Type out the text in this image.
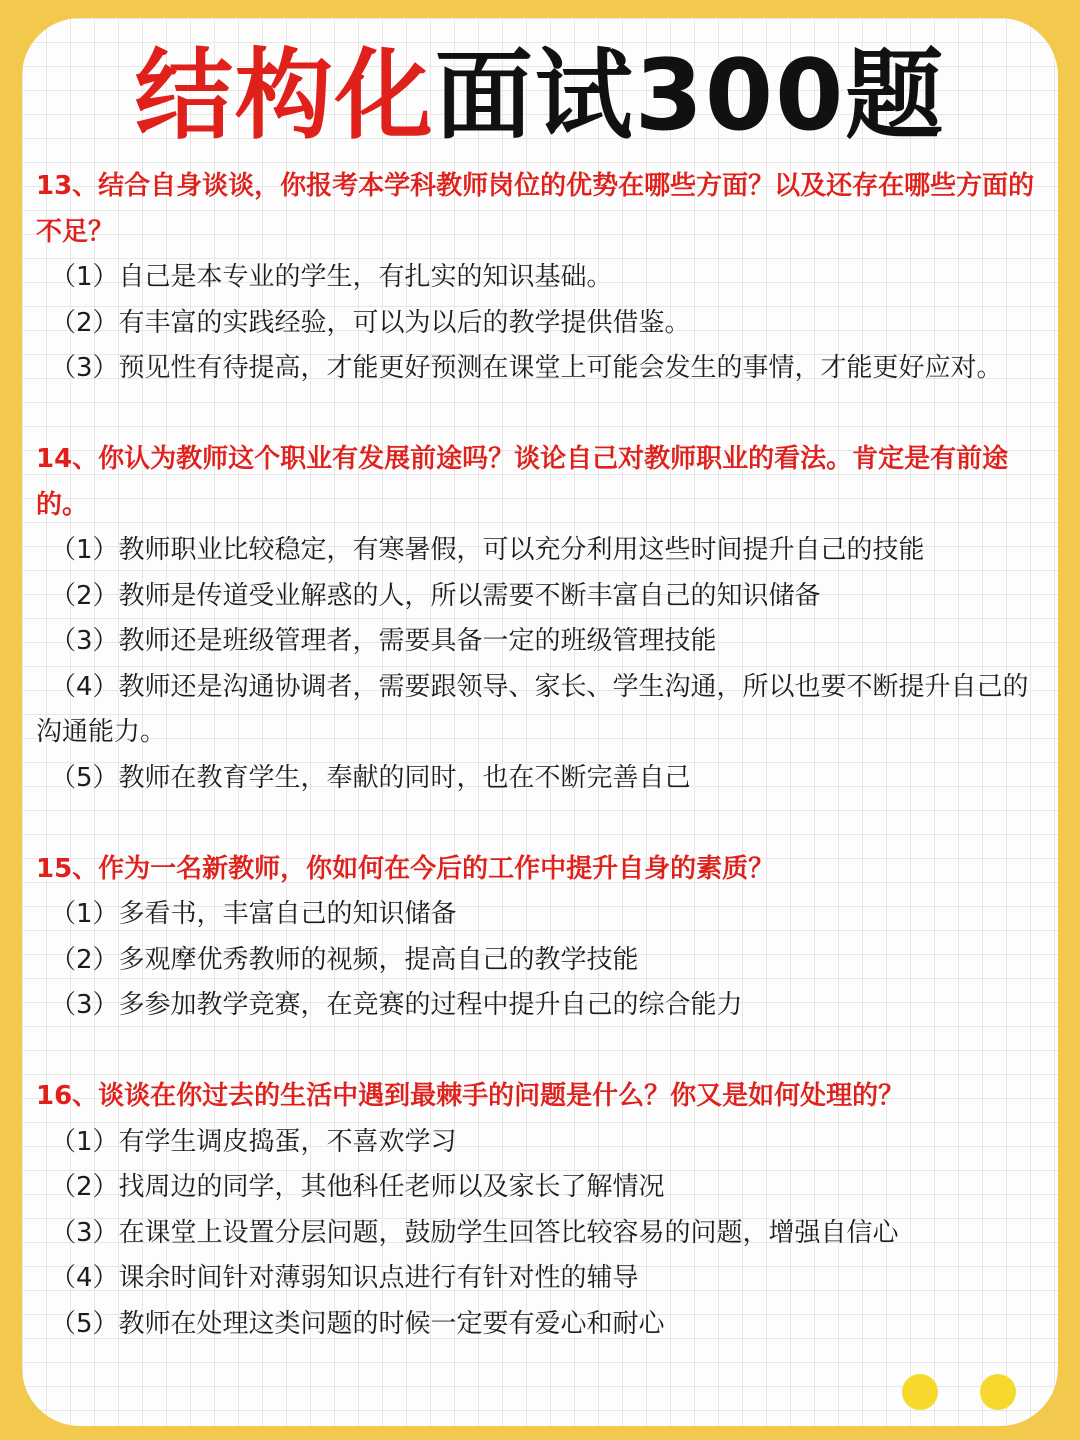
结构化面试300题

13、结合自身谈谈，你报考本学科教师岗位的优势在哪些方面？以及还存在哪些方面的不足？

（1）自己是本专业的学生，有扎实的知识基础。

（2）有丰富的实践经验，可以为以后的教学提供借鉴。

（3）预见性有待提高，才能更好预测在课堂上可能会发生的事情，才能更好应对。

14、你认为教师这个职业有发展前途吗？谈论自己对教师职业的看法。肯定是有前途的。

（1）教师职业比较稳定，有寒暑假，可以充分利用这些时间提升自己的技能

（2）教师是传道受业解惑的人，所以需要不断丰富自己的知识储备

（3）教师还是班级管理者，需要具备一定的班级管理技能

（4）教师还是沟通协调者，需要跟领导、家长、学生沟通，所以也要不断提升自己的沟通能力。

（5）教师在教育学生，奉献的同时，也在不断完善自己

15、作为一名新教师，你如何在今后的工作中提升自身的素质？

（1）多看书，丰富自己的知识储备

（2）多观摩优秀教师的视频，提高自己的教学技能

（3）多参加教学竞赛，在竞赛的过程中提升自己的综合能力

16、谈谈在你过去的生活中遇到最棘手的问题是什么？你又是如何处理的？

（1）有学生调皮捣蛋，不喜欢学习

（2）找周边的同学，其他科任老师以及家长了解情况

（3）在课堂上设置分层问题，鼓励学生回答比较容易的问题，增强自信心

（4）课余时间针对薄弱知识点进行有针对性的辅导

（5）教师在处理这类问题的时候一定要有爱心和耐心
